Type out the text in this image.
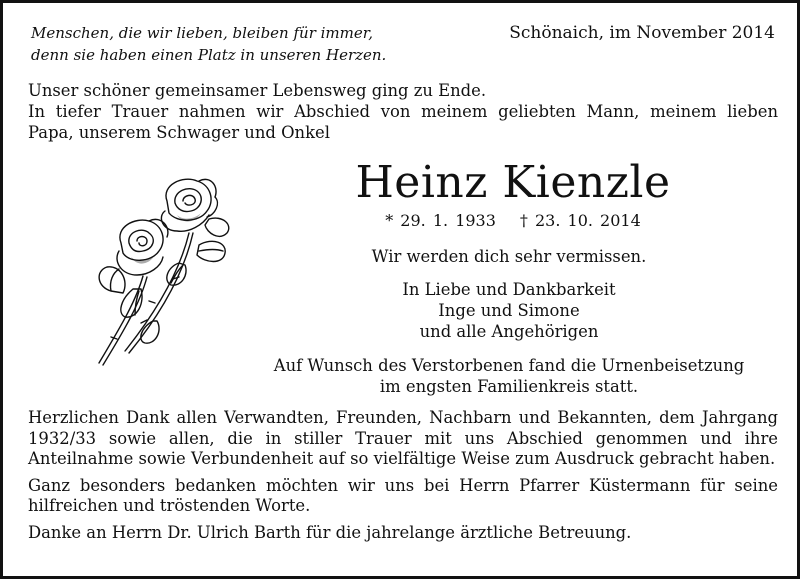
Menschen, die wir lieben, bleiben für immer,
denn sie haben einen Platz in unseren Herzen.
Schönaich, im November 2014

Unser schöner gemeinsamer Lebensweg ging zu Ende.

In tiefer Trauer nahmen wir Abschied von meinem geliebten Mann, meinem lieben

Papa, unserem Schwager und Onkel

Heinz Kienzle
* 29. 1. 1933 † 23. 10. 2014
Wir werden dich sehr vermissen.
In Liebe und Dankbarkeit
Inge und Simone
und alle Angehörigen
Auf Wunsch des Verstorbenen fand die Urnenbeisetzung
im engsten Familienkreis statt.

Herzlichen Dank allen Verwandten, Freunden, Nachbarn und Bekannten, dem Jahrgang 1932/33 sowie allen, die in stiller Trauer mit uns Abschied genommen und ihre Anteilnahme sowie Verbundenheit auf so vielfältige Weise zum Ausdruck gebracht haben.

Ganz besonders bedanken möchten wir uns bei Herrn Pfarrer Küstermann für seine hilfreichen und tröstenden Worte.

Danke an Herrn Dr. Ulrich Barth für die jahrelange ärztliche Betreuung.
